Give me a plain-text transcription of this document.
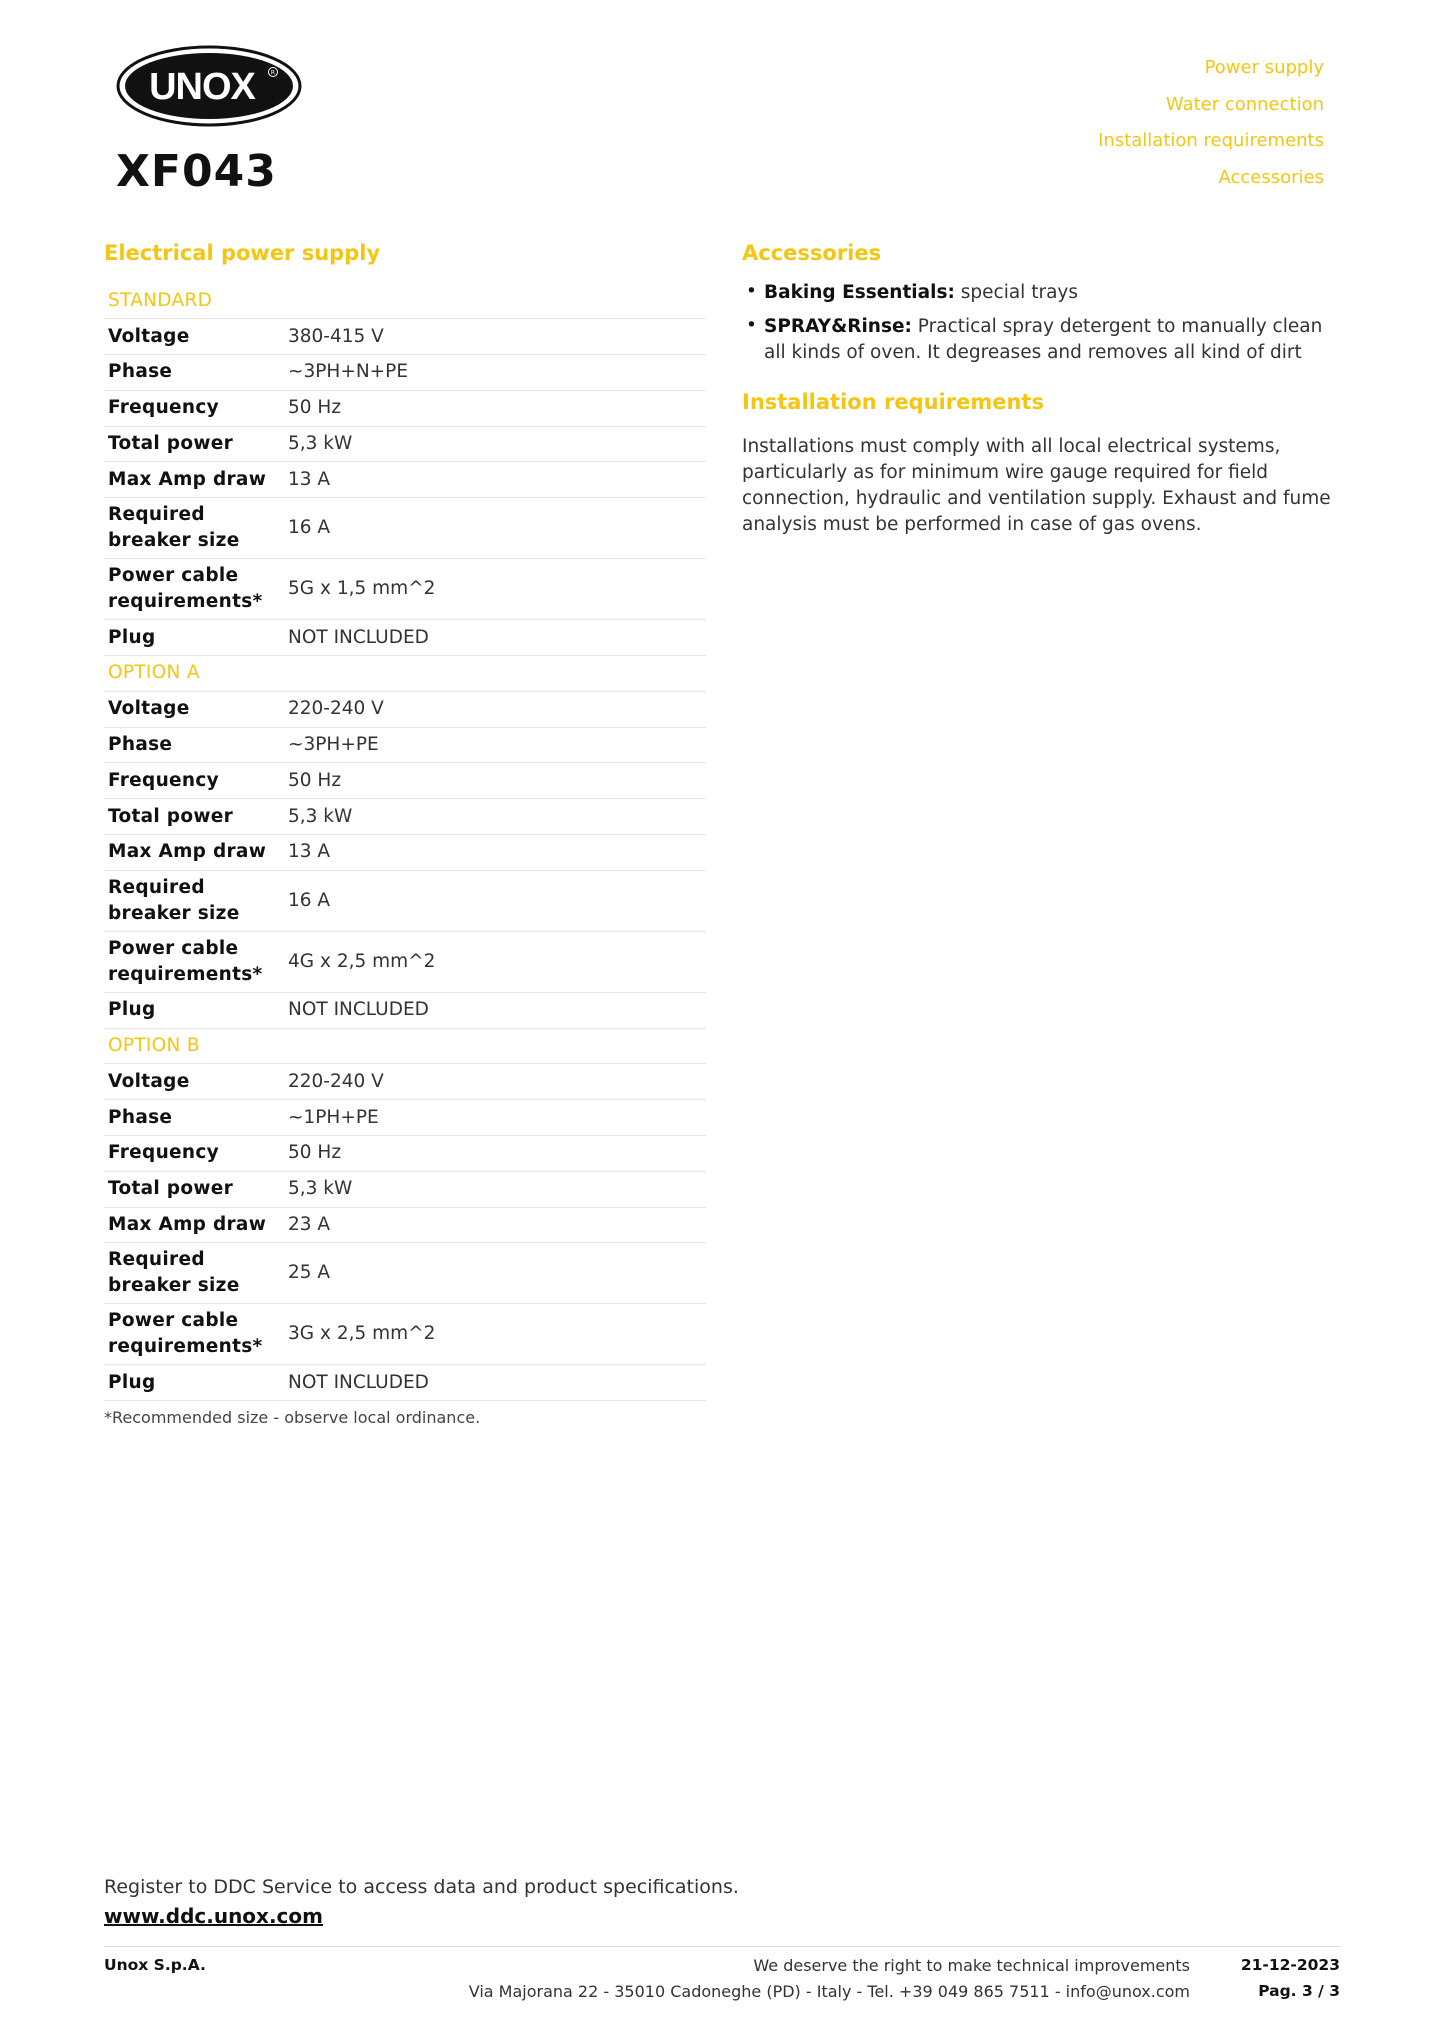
UNOX	R
XF043
Power supply
Water connection
Installation requirements
Accessories
Electrical power supply
STANDARD	
Voltage	380-415 V
Phase	~3PH+N+PE
Frequency	50 Hz
Total power	5,3 kW
Max Amp draw	13 A
Required breaker size	16 A
Power cable requirements*	5G x 1,5 mm^2
Plug	NOT INCLUDED
OPTION A	
Voltage	220-240 V
Phase	~3PH+PE
Frequency	50 Hz
Total power	5,3 kW
Max Amp draw	13 A
Required breaker size	16 A
Power cable requirements*	4G x 2,5 mm^2
Plug	NOT INCLUDED
OPTION B	
Voltage	220-240 V
Phase	~1PH+PE
Frequency	50 Hz
Total power	5,3 kW
Max Amp draw	23 A
Required breaker size	25 A
Power cable requirements*	3G x 2,5 mm^2
Plug	NOT INCLUDED
*Recommended size - observe local ordinance.
Accessories
• Baking Essentials: special trays
• SPRAY&Rinse: Practical spray detergent to manually clean all kinds of oven. It degreases and removes all kind of dirt
Installation requirements
Installations must comply with all local electrical systems, particularly as for minimum wire gauge required for field connection, hydraulic and ventilation supply. Exhaust and fume analysis must be performed in case of gas ovens.
Register to DDC Service to access data and product specifications.
www.ddc.unox.com
Unox S.p.A.	We deserve the right to make technical improvements
Via Majorana 22 - 35010 Cadoneghe (PD) - Italy - Tel. +39 049 865 7511 - info@unox.com
21-12-2023
Pag. 3 / 3
